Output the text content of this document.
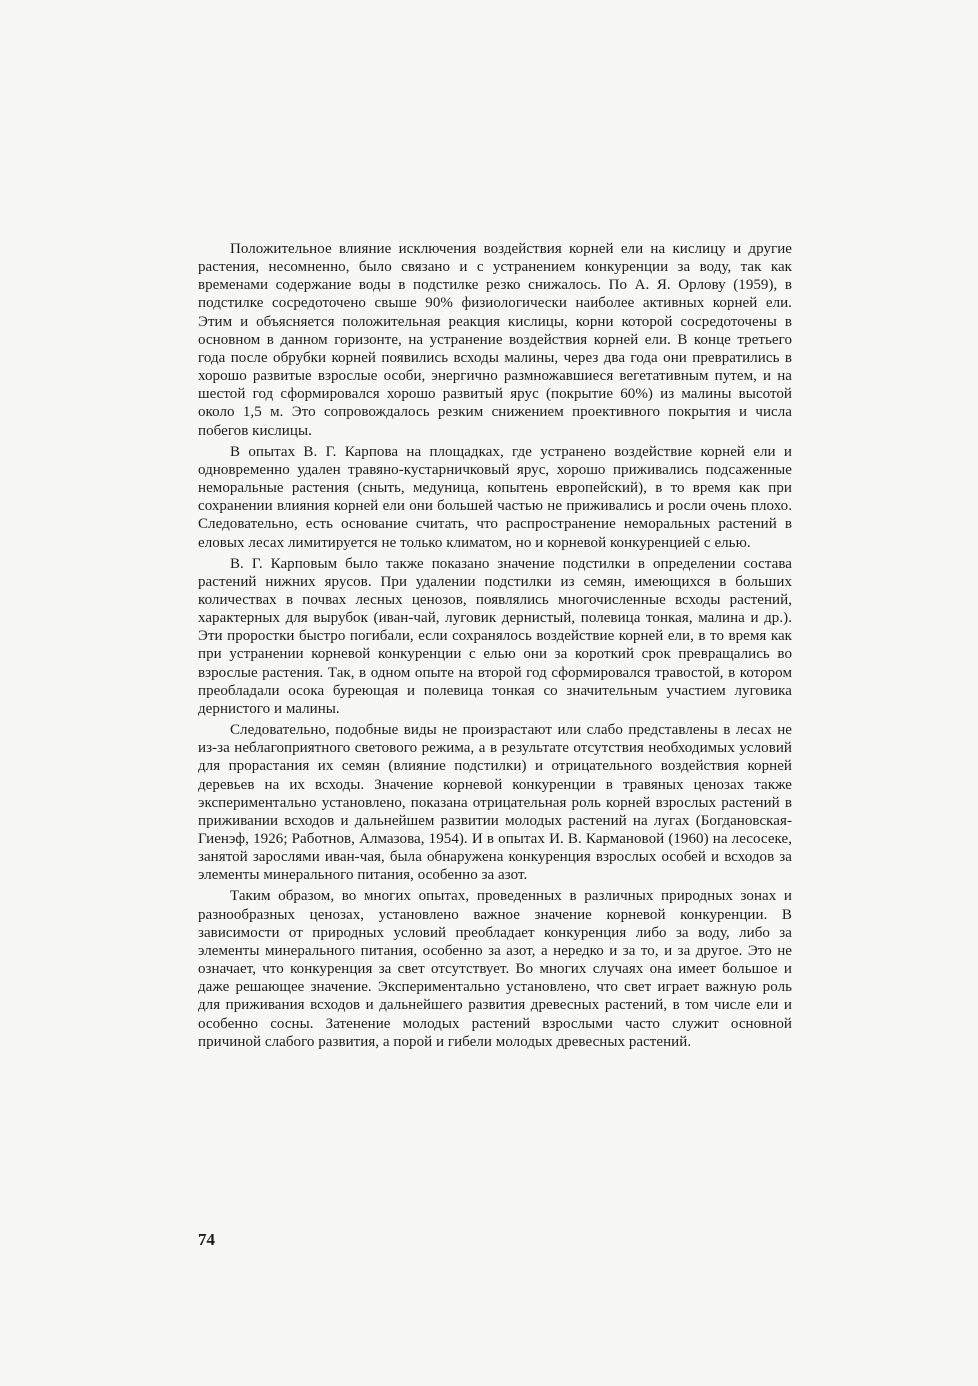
Положительное влияние исключения воздействия корней ели на кислицу и другие растения, несомненно, было связано и с устранением конкуренции за воду, так как временами содержание воды в подстилке резко снижалось. По А. Я. Орлову (1959), в подстилке сосредоточено свыше 90% физиологически наиболее активных корней ели. Этим и объясняется положительная реакция кислицы, корни которой сосредоточены в основном в данном горизонте, на устранение воздействия корней ели. В конце третьего года после обрубки корней появились всходы малины, через два года они превратились в хорошо развитые взрослые особи, энергично размножавшиеся вегетативным путем, и на шестой год сформировался хорошо развитый ярус (покрытие 60%) из малины высотой около 1,5 м. Это сопровождалось резким снижением проективного покрытия и числа побегов кислицы.

В опытах В. Г. Карпова на площадках, где устранено воздействие корней ели и одновременно удален травяно-кустарничковый ярус, хорошо приживались подсаженные неморальные растения (сныть, медуница, копытень европейский), в то время как при сохранении влияния корней ели они большей частью не приживались и росли очень плохо. Следовательно, есть основание считать, что распространение неморальных растений в еловых лесах лимитируется не только климатом, но и корневой конкуренцией с елью.

В. Г. Карповым было также показано значение подстилки в определении состава растений нижних ярусов. При удалении подстилки из семян, имеющихся в больших количествах в почвах лесных ценозов, появлялись многочисленные всходы растений, характерных для вырубок (иван-чай, луговик дернистый, полевица тонкая, малина и др.). Эти проростки быстро погибали, если сохранялось воздействие корней ели, в то время как при устранении корневой конкуренции с елью они за короткий срок превращались во взрослые растения. Так, в одном опыте на второй год сформировался травостой, в котором преобладали осока буреющая и полевица тонкая со значительным участием луговика дернистого и малины.

Следовательно, подобные виды не произрастают или слабо представлены в лесах не из-за неблагоприятного светового режима, а в результате отсутствия необходимых условий для прорастания их семян (влияние подстилки) и отрицательного воздействия корней деревьев на их всходы. Значение корневой конкуренции в травяных ценозах также экспериментально установлено, показана отрицательная роль корней взрослых растений в приживании всходов и дальнейшем развитии молодых растений на лугах (Богдановская-Гиенэф, 1926; Работнов, Алмазова, 1954). И в опытах И. В. Кармановой (1960) на лесосеке, занятой зарослями иван-чая, была обнаружена конкуренция взрослых особей и всходов за элементы минерального питания, особенно за азот.

Таким образом, во многих опытах, проведенных в различных природных зонах и разнообразных ценозах, установлено важное значение корневой конкуренции. В зависимости от природных условий преобладает конкуренция либо за воду, либо за элементы минерального питания, особенно за азот, а нередко и за то, и за другое. Это не означает, что конкуренция за свет отсутствует. Во многих случаях она имеет большое и даже решающее значение. Экспериментально установлено, что свет играет важную роль для приживания всходов и дальнейшего развития древесных растений, в том числе ели и особенно сосны. Затенение молодых растений взрослыми часто служит основной причиной слабого развития, а порой и гибели молодых древесных растений.

74
